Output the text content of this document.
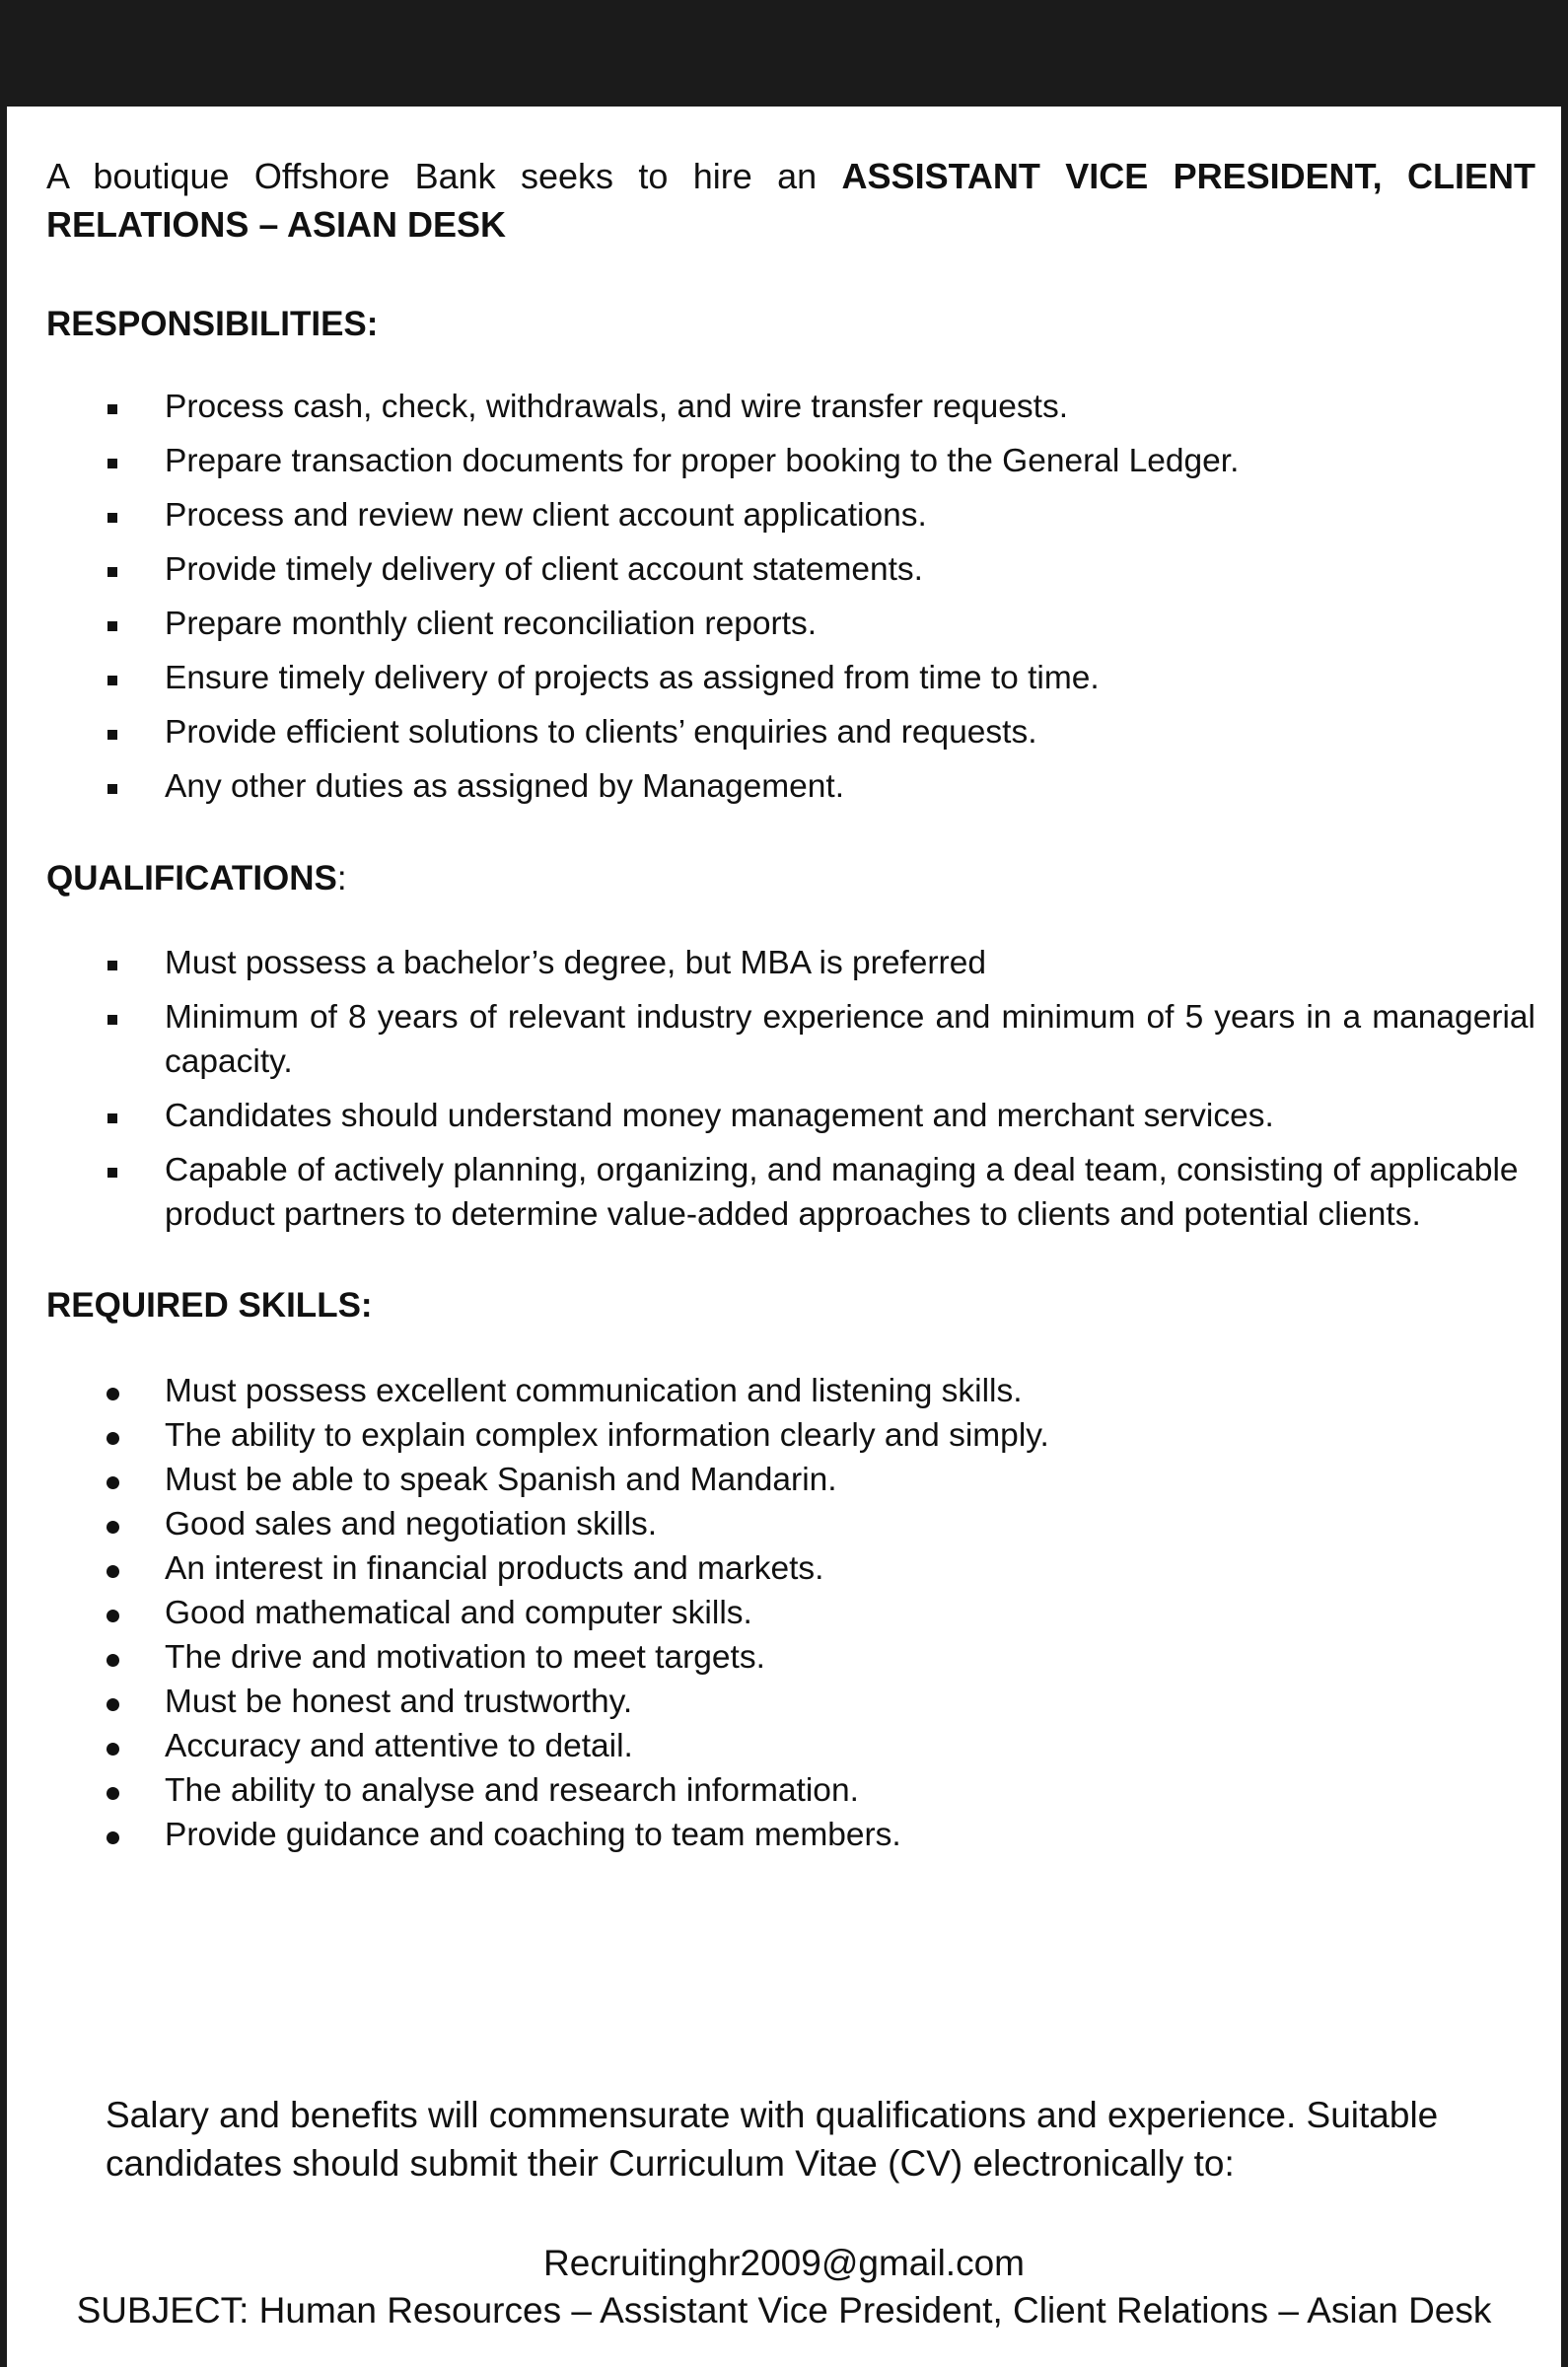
A boutique Offshore Bank seeks to hire an ASSISTANT VICE PRESIDENT, CLIENT RELATIONS – ASIAN DESK

RESPONSIBILITIES:
Process cash, check, withdrawals, and wire transfer requests.
Prepare transaction documents for proper booking to the General Ledger.
Process and review new client account applications.
Provide timely delivery of client account statements.
Prepare monthly client reconciliation reports.
Ensure timely delivery of projects as assigned from time to time.
Provide efficient solutions to clients’ enquiries and requests.
Any other duties as assigned by Management.
QUALIFICATIONS:
Must possess a bachelor’s degree, but MBA is preferred
Minimum of 8 years of relevant industry experience and minimum of 5 years in a managerial capacity.
Candidates should understand money management and merchant services.
Capable of actively planning, organizing, and managing a deal team, consisting of applicable product partners to determine value-added approaches to clients and potential clients.
REQUIRED SKILLS:
Must possess excellent communication and listening skills.
The ability to explain complex information clearly and simply.
Must be able to speak Spanish and Mandarin.
Good sales and negotiation skills.
An interest in financial products and markets.
Good mathematical and computer skills.
The drive and motivation to meet targets.
Must be honest and trustworthy.
Accuracy and attentive to detail.
The ability to analyse and research information.
Provide guidance and coaching to team members.

Salary and benefits will commensurate with qualifications and experience. Suitable candidates should submit their Curriculum Vitae (CV) electronically to:

Recruitinghr2009@gmail.com

SUBJECT: Human Resources – Assistant Vice President, Client Relations – Asian Desk
